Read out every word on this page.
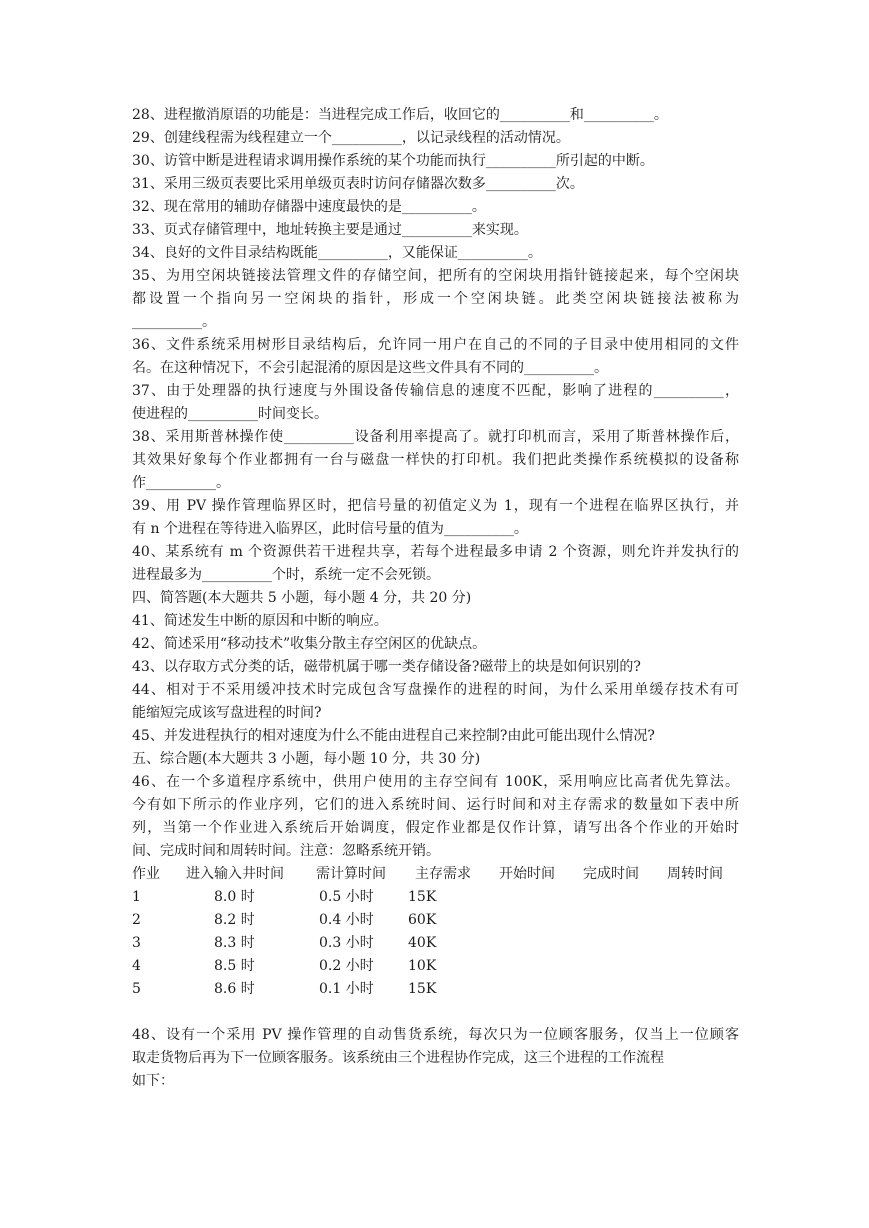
28、进程撤消原语的功能是：当进程完成工作后，收回它的__________和__________。
29、创建线程需为线程建立一个__________，以记录线程的活动情况。
30、访管中断是进程请求调用操作系统的某个功能而执行__________所引起的中断。
31、采用三级页表要比采用单级页表时访问存储器次数多__________次。
32、现在常用的辅助存储器中速度最快的是__________。
33、页式存储管理中，地址转换主要是通过__________来实现。
34、良好的文件目录结构既能__________，又能保证__________。
35、为用空闲块链接法管理文件的存储空间，把所有的空闲块用指针链接起来，每个空闲块
都设置一个指向另一空闲块的指针，形成一个空闲块链。此类空闲块链接法被称为
__________。
36、文件系统采用树形目录结构后，允许同一用户在自己的不同的子目录中使用相同的文件
名。在这种情况下，不会引起混淆的原因是这些文件具有不同的__________。
37、由于处理器的执行速度与外围设备传输信息的速度不匹配，影响了进程的__________，
使进程的__________时间变长。
38、采用斯普林操作使__________设备利用率提高了。就打印机而言，采用了斯普林操作后，
其效果好象每个作业都拥有一台与磁盘一样快的打印机。我们把此类操作系统模拟的设备称
作__________。
39、用 PV 操作管理临界区时，把信号量的初值定义为 1，现有一个进程在临界区执行，并
有 n 个进程在等待进入临界区，此时信号量的值为__________。
40、某系统有 m 个资源供若干进程共享，若每个进程最多申请 2 个资源，则允许并发执行的
进程最多为__________个时，系统一定不会死锁。
四、简答题(本大题共 5 小题，每小题 4 分，共 20 分)
41、简述发生中断的原因和中断的响应。
42、简述采用“移动技术”收集分散主存空闲区的优缺点。
43、以存取方式分类的话，磁带机属于哪一类存储设备?磁带上的块是如何识别的?
44、相对于不采用缓冲技术时完成包含写盘操作的进程的时间，为什么采用单缓存技术有可
能缩短完成该写盘进程的时间?
45、并发进程执行的相对速度为什么不能由进程自己来控制?由此可能出现什么情况?
五、综合题(本大题共 3 小题，每小题 10 分，共 30 分)
46、在一个多道程序系统中，供用户使用的主存空间有 100K，采用响应比高者优先算法。
今有如下所示的作业序列，它们的进入系统时间、运行时间和对主存需求的数量如下表中所
列，当第一个作业进入系统后开始调度，假定作业都是仅作计算，请写出各个作业的开始时
间、完成时间和周转时间。注意：忽略系统开销。
作业 进入输入井时间 需计算时间 主存需求 开始时间 完成时间 周转时间
1	8.0 时	0.5 小时 15K
2	8.2 时	0.4 小时 60K
3	8.3 时	0.3 小时 40K
4	8.5 时	0.2 小时 10K
5	8.6 时	0.1 小时 15K
48、设有一个采用 PV 操作管理的自动售货系统，每次只为一位顾客服务，仅当上一位顾客
取走货物后再为下一位顾客服务。该系统由三个进程协作完成，这三个进程的工作流程
如下：
